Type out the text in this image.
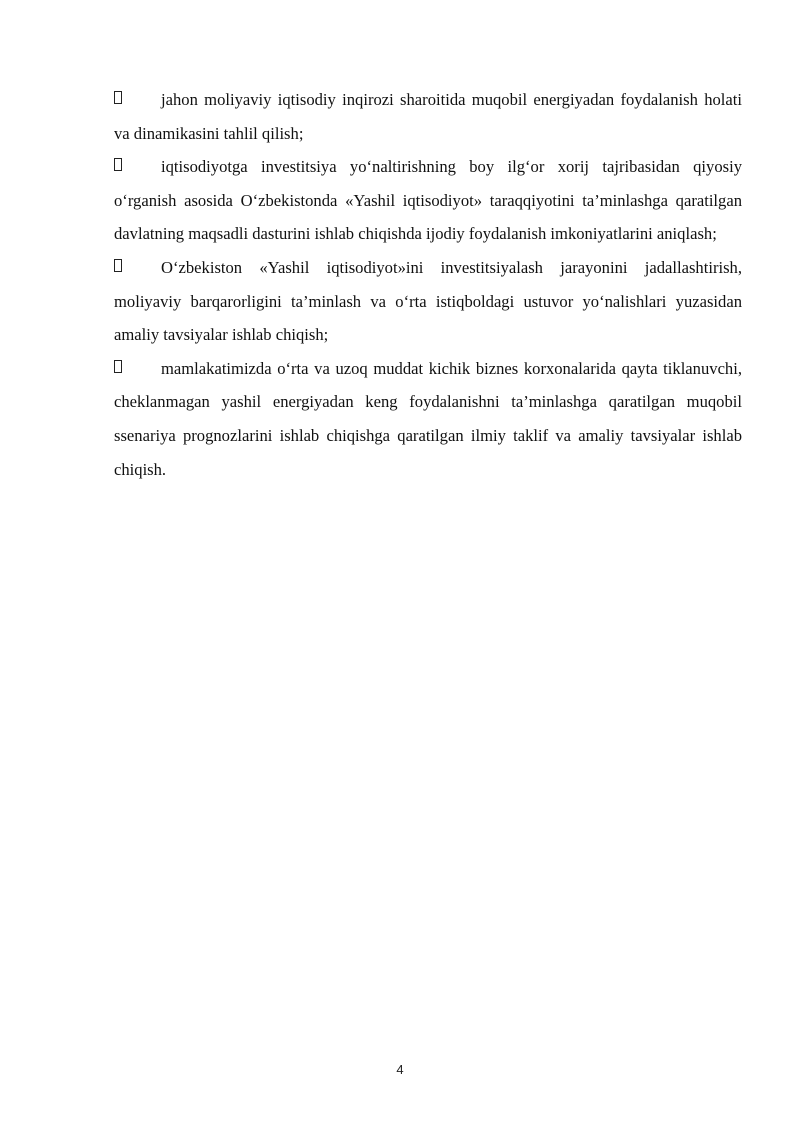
jahon moliyaviy iqtisodiy inqirozi sharoitida muqobil energiyadan foydalanish holati va dinamikasini tahlil qilish;

iqtisodiyotga investitsiya yo‘naltirishning boy ilg‘or xorij tajribasidan qiyosiy o‘rganish asosida O‘zbekistonda «Yashil iqtisodiyot» taraqqiyotini ta’minlashga qaratilgan davlatning maqsadli dasturini ishlab chiqishda ijodiy foydalanish imkoniyatlarini aniqlash;

O‘zbekiston «Yashil iqtisodiyot»ini investitsiyalash jarayonini jadallashtirish, moliyaviy barqarorligini ta’minlash va o‘rta istiqboldagi ustuvor yo‘nalishlari yuzasidan amaliy tavsiyalar ishlab chiqish;

mamlakatimizda o‘rta va uzoq muddat kichik biznes korxonalarida qayta tiklanuvchi, cheklanmagan yashil energiyadan keng foydalanishni ta’minlashga qaratilgan muqobil ssenariya prognozlarini ishlab chiqishga qaratilgan ilmiy taklif va amaliy tavsiyalar ishlab chiqish.

4
